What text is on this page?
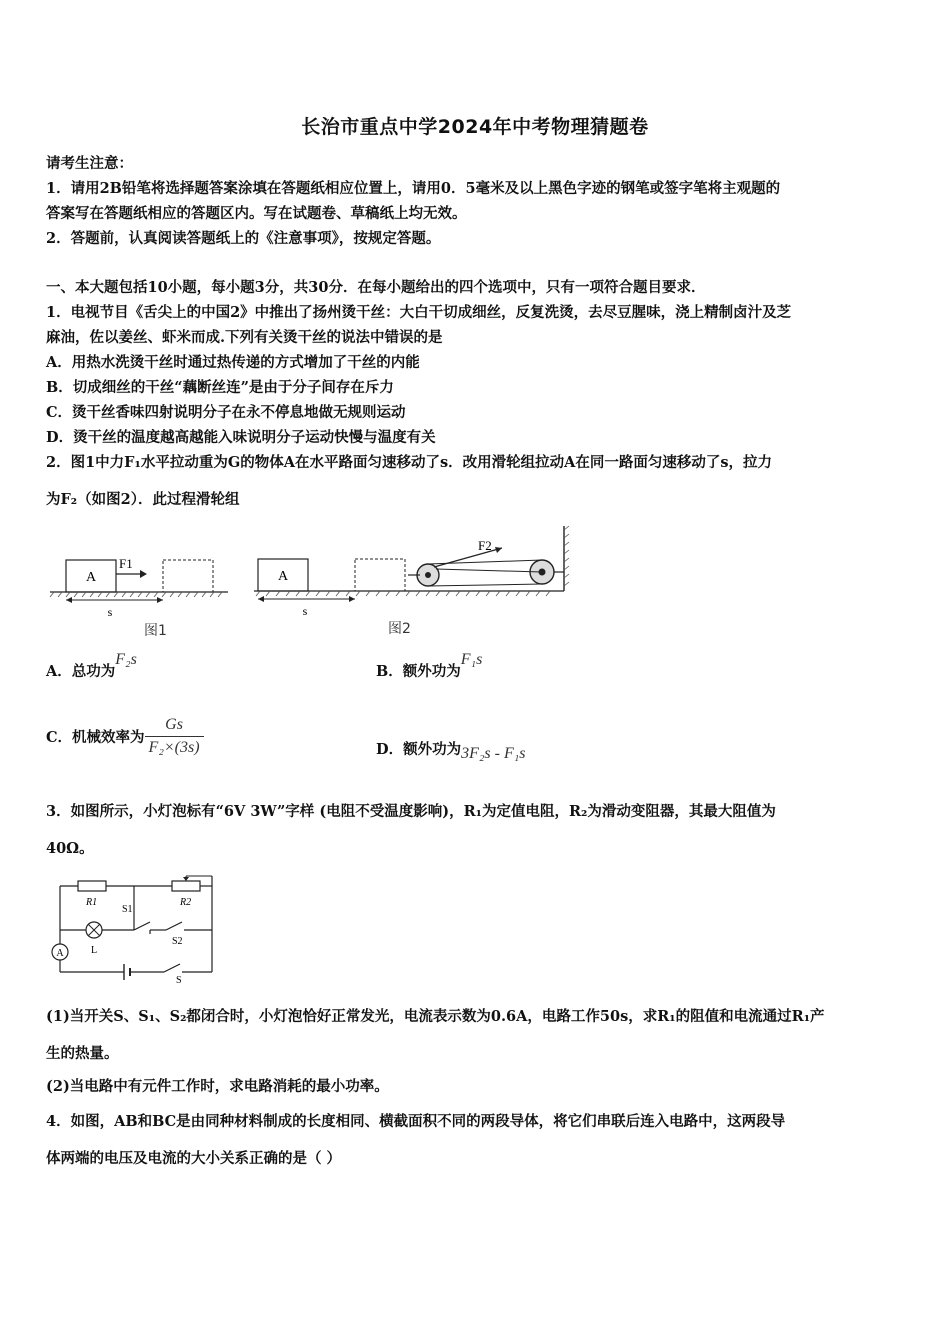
长治市重点中学2024年中考物理猜题卷
请考生注意：
1．请用2B铅笔将选择题答案涂填在答题纸相应位置上，请用0．5毫米及以上黑色字迹的钢笔或签字笔将主观题的
答案写在答题纸相应的答题区内。写在试题卷、草稿纸上均无效。
2．答题前，认真阅读答题纸上的《注意事项》，按规定答题。
一、本大题包括10小题，每小题3分，共30分．在每小题给出的四个选项中，只有一项符合题目要求．
1．电视节目《舌尖上的中国2》中推出了扬州烫干丝：大白干切成细丝，反复洗烫，去尽豆腥味，浇上精制卤汁及芝
麻油，佐以姜丝、虾米而成.下列有关烫干丝的说法中错误的是
A．用热水洗烫干丝时通过热传递的方式增加了干丝的内能
B．切成细丝的干丝“藕断丝连”是由于分子间存在斥力
C．烫干丝香味四射说明分子在永不停息地做无规则运动
D．烫干丝的温度越高越能入味说明分子运动快慢与温度有关
2．图1中力F₁水平拉动重为G的物体A在水平路面匀速移动了s．改用滑轮组拉动A在同一路面匀速移动了s，拉力
为F₂（如图2）．此过程滑轮组
A
F1
s
图1
A
F2
s
图2
A．总功为F₂s
B．额外功为F₁s
C．机械效率为 $\frac{Gs}{\text{F₂×(3s)}}$	D．额外功为3F₂s - F₁s
3．如图所示，小灯泡标有“6V 3W”字样 (电阻不受温度影响)，R₁为定值电阻，R₂为滑动变阻器，其最大阻值为
40Ω。
R1	R2
L
S1
S2
A
S
(1)当开关S、S₁、S₂都闭合时，小灯泡恰好正常发光，电流表示数为0.6A，电路工作50s，求R₁的阻值和电流通过R₁产
生的热量。
(2)当电路中有元件工作时，求电路消耗的最小功率。
4．如图，AB和BC是由同种材料制成的长度相同、横截面积不同的两段导体，将它们串联后连入电路中，这两段导
体两端的电压及电流的大小关系正确的是（ ）
